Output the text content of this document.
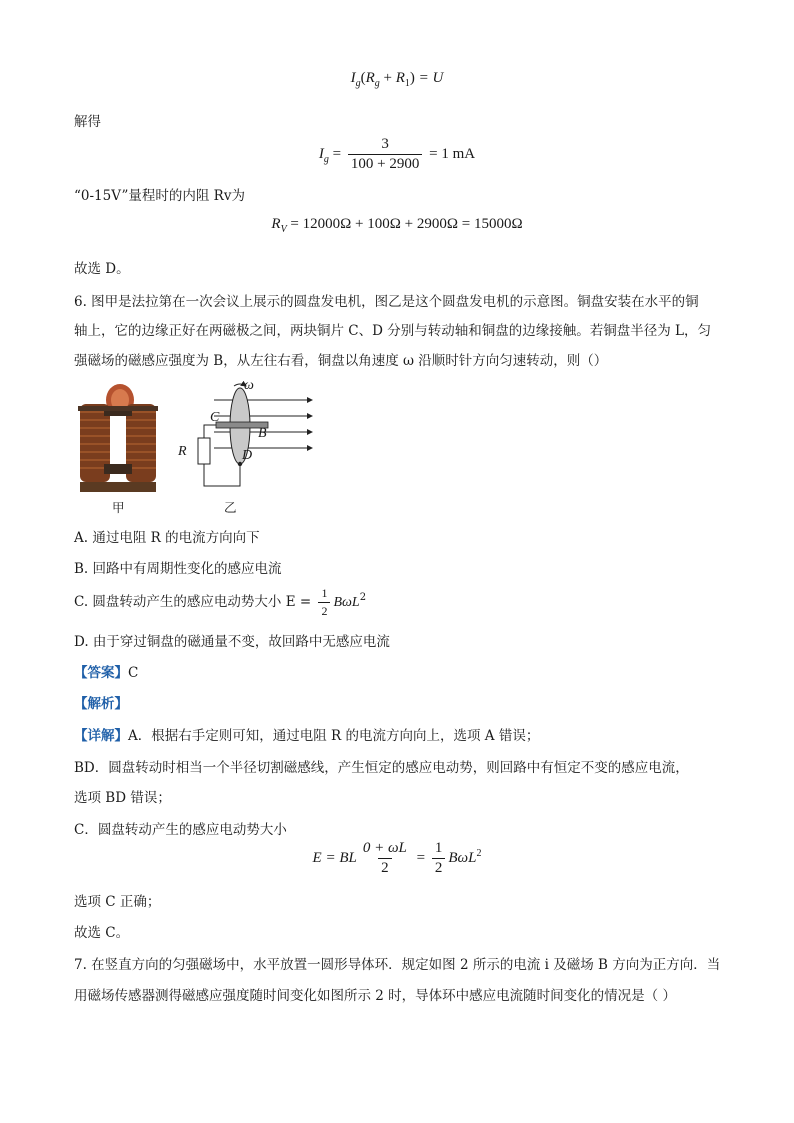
$I_g(R_g + R_1) = U$
解得
$I_g = \frac{3}{100 + 2900} = 1$ mA
“0-15V”量程时的内阻 Rv为
$R_V = 12000\Omega + 100\Omega + 2900\Omega = 15000\Omega$
故选 D。
6. 图甲是法拉第在一次会议上展示的圆盘发电机，图乙是这个圆盘发电机的示意图。铜盘安装在水平的铜
轴上，它的边缘正好在两磁极之间，两块铜片 C、D 分别与转动轴和铜盘的边缘接触。若铜盘半径为 L，匀
强磁场的磁感应强度为 B，从左往右看，铜盘以角速度 ω 沿顺时针方向匀速转动，则（）
甲
ω
C
B
R	D
乙
A. 通过电阻 R 的电流方向向下
B. 回路中有周期性变化的感应电流
C. 圆盘转动产生的感应电动势大小 $E = \frac{1}{2} B\omega L^2$
D. 由于穿过铜盘的磁通量不变，故回路中无感应电流
【答案】C
【解析】
【详解】A．根据右手定则可知，通过电阻 R 的电流方向向上，选项 A 错误；
BD．圆盘转动时相当一个半径切割磁感线，产生恒定的感应电动势，则回路中有恒定不变的感应电流，
选项 BD 错误；
C．圆盘转动产生的感应电动势大小
E = BL $\frac{0 + \omega L}{2} = \frac{1}{2} B\omega L^2$
选项 C 正确；
故选 C。
7. 在竖直方向的匀强磁场中，水平放置一圆形导体环．规定如图 2 所示的电流 i 及磁场 B 方向为正方向．当
用磁场传感器测得磁感应强度随时间变化如图所示 2 时，导体环中感应电流随时间变化的情况是（ ）
